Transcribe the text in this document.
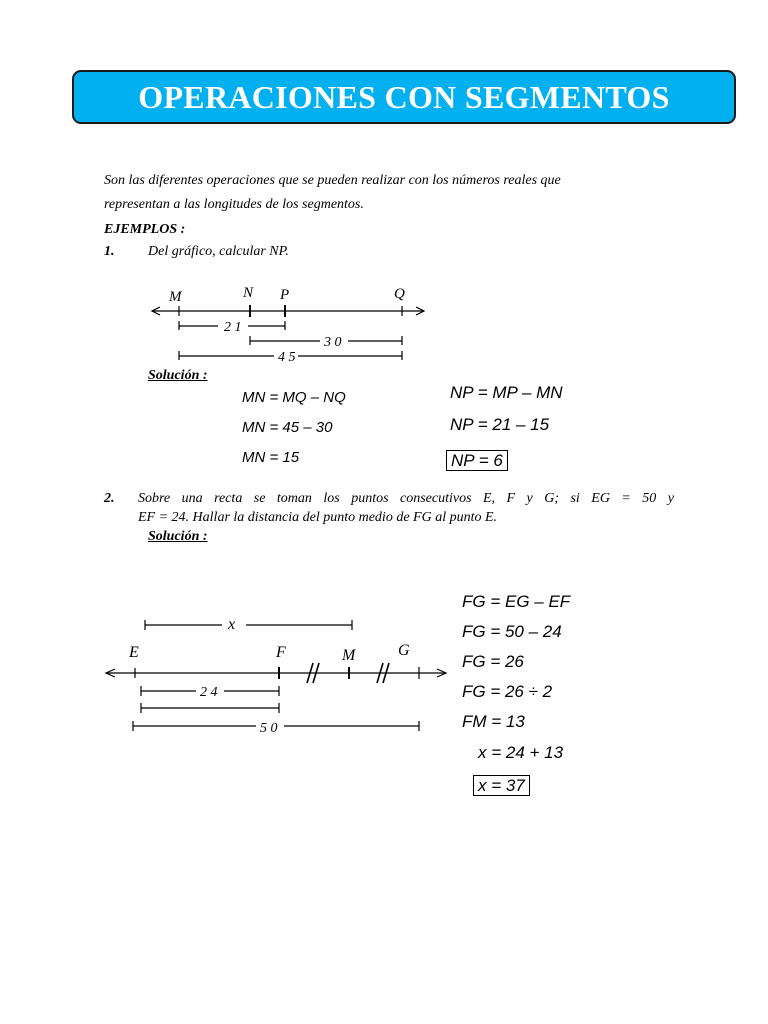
OPERACIONES CON SEGMENTOS
Son las diferentes operaciones que se pueden realizar con los números reales que
representan a las longitudes de los segmentos.
EJEMPLOS :
1. Del gráfico, calcular NP.
M	N P	Q
2 1
3 0
4 5
x
E	F	M	G
2 4
5 0
Solución :
MN = MQ – NQ
MN = 45 – 30
MN = 15
NP = MP – MN
NP = 21 – 15
NP = 6
2. Sobre una recta se toman los puntos consecutivos E, F y G; si EG = 50 y
EF = 24. Hallar la distancia del punto medio de FG al punto E.
Solución :
FG = EG – EF
FG = 50 – 24
FG = 26
FG = 26 ÷ 2
FM = 13
x = 24 + 13
x = 37
